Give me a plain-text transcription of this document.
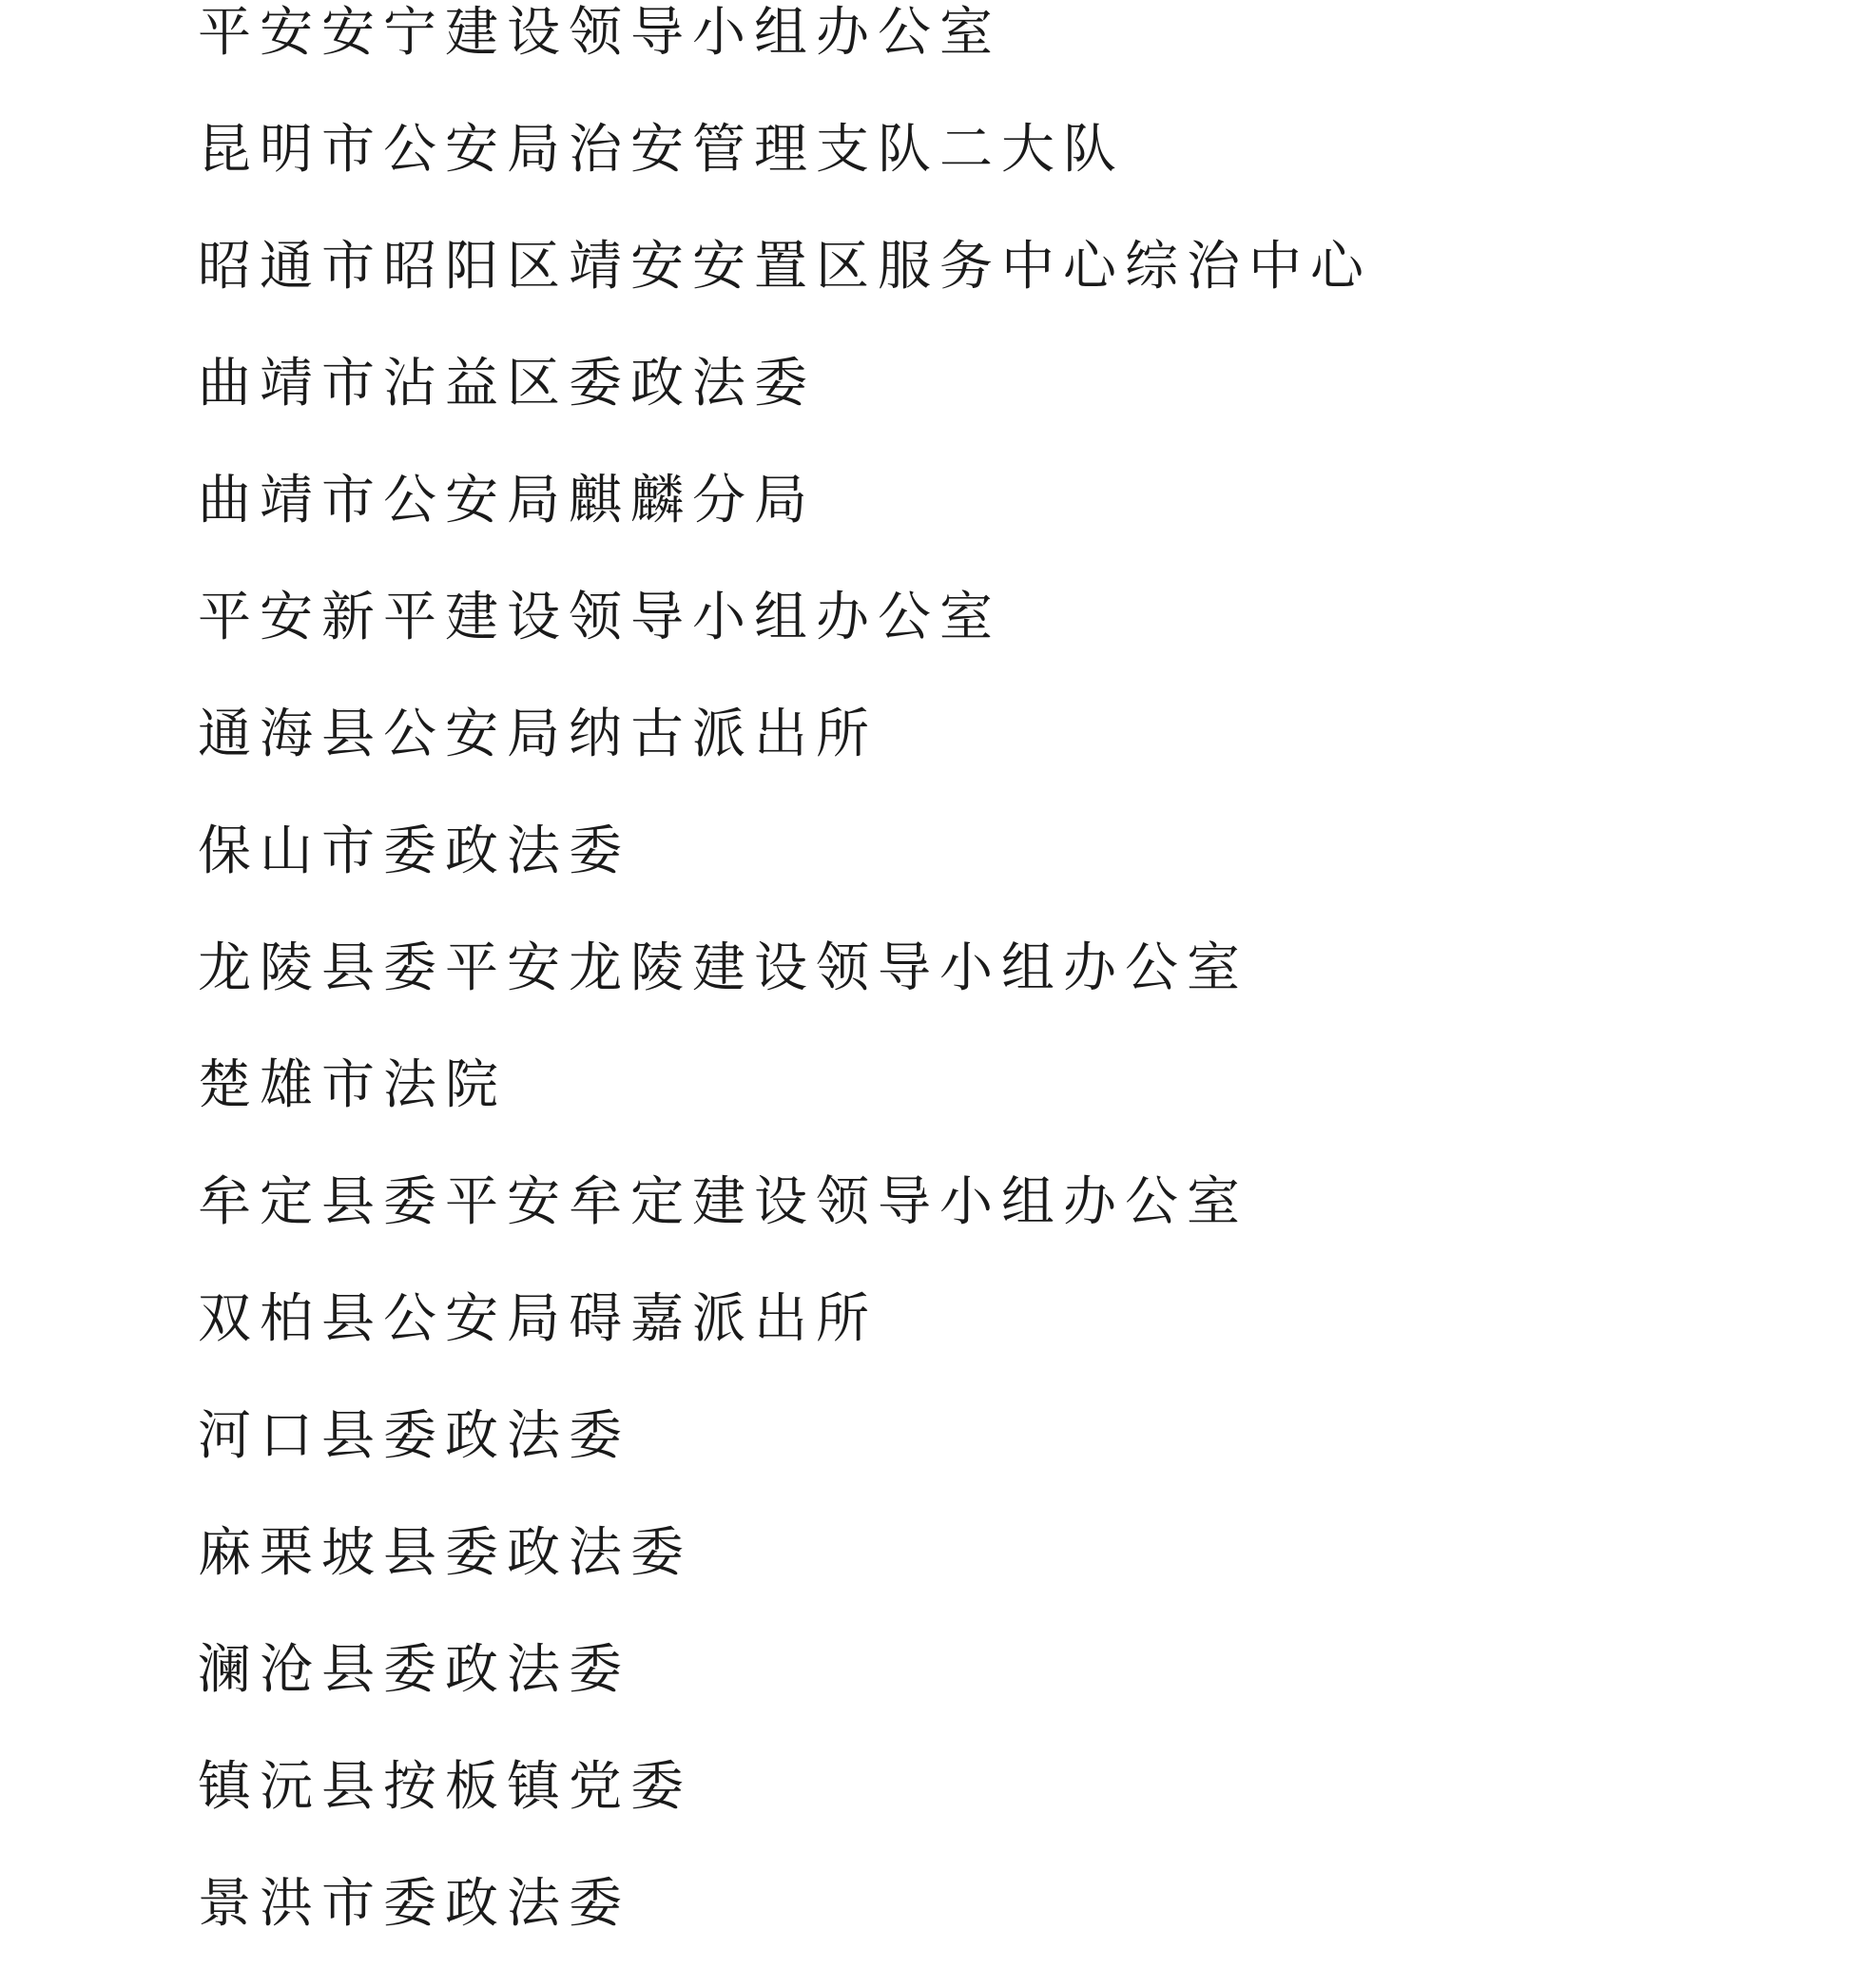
平安安宁建设领导小组办公室
昆明市公安局治安管理支队二大队
昭通市昭阳区靖安安置区服务中心综治中心
曲靖市沾益区委政法委
曲靖市公安局麒麟分局
平安新平建设领导小组办公室
通海县公安局纳古派出所
保山市委政法委
龙陵县委平安龙陵建设领导小组办公室
楚雄市法院
牟定县委平安牟定建设领导小组办公室
双柏县公安局碍嘉派出所
河口县委政法委
麻栗坡县委政法委
澜沧县委政法委
镇沅县按板镇党委
景洪市委政法委
